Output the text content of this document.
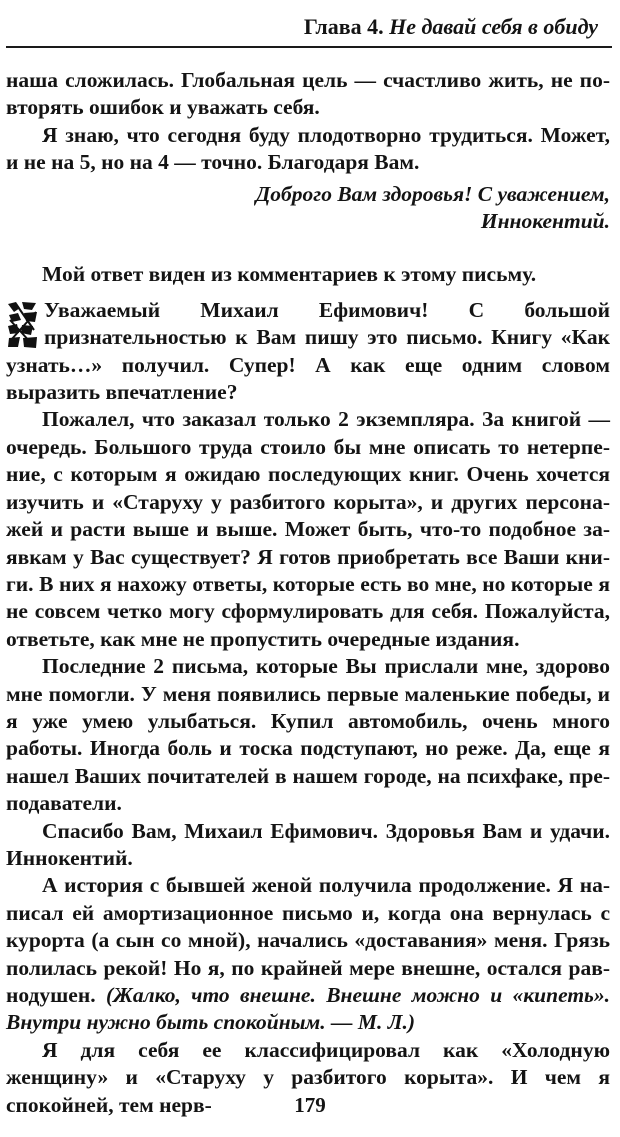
Глава 4. Не давай себя в обиду

наша сложилась. Глобальная цель — счастливо жить, не повторять ошибок и уважать себя.

Я знаю, что сегодня буду плодотворно трудиться. Может, и не на 5, но на 4 — точно. Благодаря Вам.

Доброго Вам здоровья! С уважением,

Иннокентий.

Мой ответ виден из комментариев к этому письму.

Уважаемый Михаил Ефимович! С большой признательностью к Вам пишу это письмо. Книгу «Как узнать…» получил. Супер! А как еще одним словом выразить впечатление?

Пожалел, что заказал только 2 экземпляра. За книгой — очередь. Большого труда стоило бы мне описать то нетерпение, с которым я ожидаю последующих книг. Очень хочется изучить и «Старуху у разбитого корыта», и других персонажей и расти выше и выше. Может быть, что-то подобное заявкам у Вас существует? Я готов приобретать все Ваши книги. В них я нахожу ответы, которые есть во мне, но которые я не совсем четко могу сформулировать для себя. Пожалуйста, ответьте, как мне не пропустить очередные издания.

Последние 2 письма, которые Вы прислали мне, здорово мне помогли. У меня появились первые маленькие победы, и я уже умею улыбаться. Купил автомобиль, очень много работы. Иногда боль и тоска подступают, но реже. Да, еще я нашел Ваших почитателей в нашем городе, на психфаке, преподаватели.

Спасибо Вам, Михаил Ефимович. Здоровья Вам и удачи. Иннокентий.

А история с бывшей женой получила продолжение. Я написал ей амортизационное письмо и, когда она вернулась с курорта (а сын со мной), начались «доставания» меня. Грязь полилась рекой! Но я, по крайней мере внешне, остался равнодушен. (Жалко, что внешне. Внешне можно и «кипеть». Внутри нужно быть спокойным. — М. Л.)

Я для себя ее классифицировал как «Холодную женщину» и «Старуху у разбитого корыта». И чем я спокойней, тем нерв-	179
